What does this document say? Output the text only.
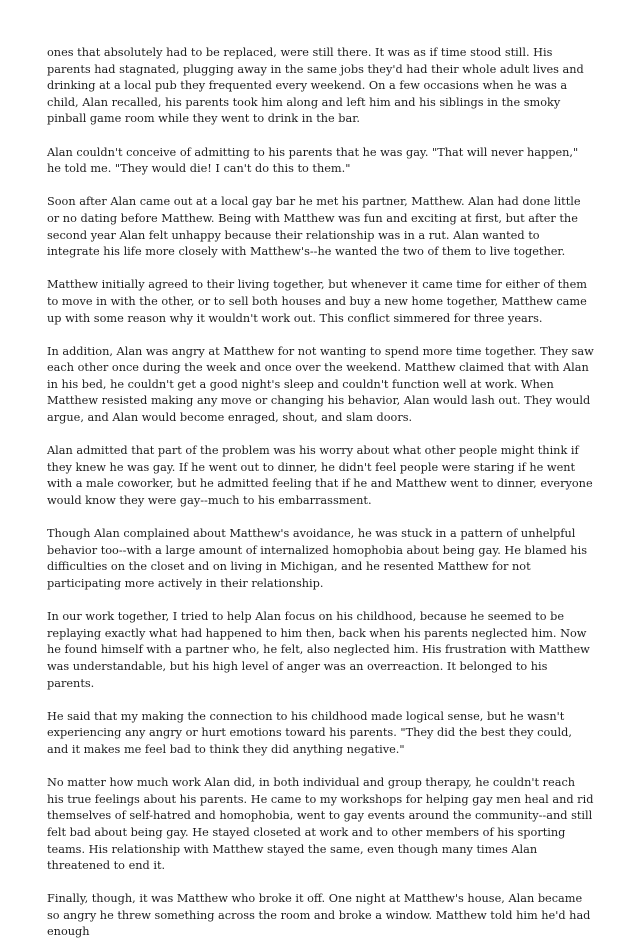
ones that absolutely had to be replaced, were still there. It was as if time stood still. His parents had stagnated, plugging away in the same jobs they'd had their whole adult lives and drinking at a local pub they frequented every weekend. On a few occasions when he was a child, Alan recalled, his parents took him along and left him and his siblings in the smoky pinball game room while they went to drink in the bar.

Alan couldn't conceive of admitting to his parents that he was gay. "That will never happen," he told me. "They would die! I can't do this to them."

Soon after Alan came out at a local gay bar he met his partner, Matthew. Alan had done little or no dating before Matthew. Being with Matthew was fun and exciting at first, but after the second year Alan felt unhappy because their relationship was in a rut. Alan wanted to integrate his life more closely with Matthew's--he wanted the two of them to live together.

Matthew initially agreed to their living together, but whenever it came time for either of them to move in with the other, or to sell both houses and buy a new home together, Matthew came up with some reason why it wouldn't work out. This conflict simmered for three years.

In addition, Alan was angry at Matthew for not wanting to spend more time together. They saw each other once during the week and once over the weekend. Matthew claimed that with Alan in his bed, he couldn't get a good night's sleep and couldn't function well at work. When Matthew resisted making any move or changing his behavior, Alan would lash out. They would argue, and Alan would become enraged, shout, and slam doors.

Alan admitted that part of the problem was his worry about what other people might think if they knew he was gay. If he went out to dinner, he didn't feel people were staring if he went with a male coworker, but he admitted feeling that if he and Matthew went to dinner, everyone would know they were gay--much to his embarrassment.

Though Alan complained about Matthew's avoidance, he was stuck in a pattern of unhelpful behavior too--with a large amount of internalized homophobia about being gay. He blamed his difficulties on the closet and on living in Michigan, and he resented Matthew for not participating more actively in their relationship.

In our work together, I tried to help Alan focus on his childhood, because he seemed to be replaying exactly what had happened to him then, back when his parents neglected him. Now he found himself with a partner who, he felt, also neglected him. His frustration with Matthew was understandable, but his high level of anger was an overreaction. It belonged to his parents.

He said that my making the connection to his childhood made logical sense, but he wasn't experiencing any angry or hurt emotions toward his parents. "They did the best they could, and it makes me feel bad to think they did anything negative."

No matter how much work Alan did, in both individual and group therapy, he couldn't reach his true feelings about his parents. He came to my workshops for helping gay men heal and rid themselves of self-hatred and homophobia, went to gay events around the community--and still felt bad about being gay. He stayed closeted at work and to other members of his sporting teams. His relationship with Matthew stayed the same, even though many times Alan threatened to end it.

Finally, though, it was Matthew who broke it off. One night at Matthew's house, Alan became so angry he threw something across the room and broke a window. Matthew told him he'd had enough
